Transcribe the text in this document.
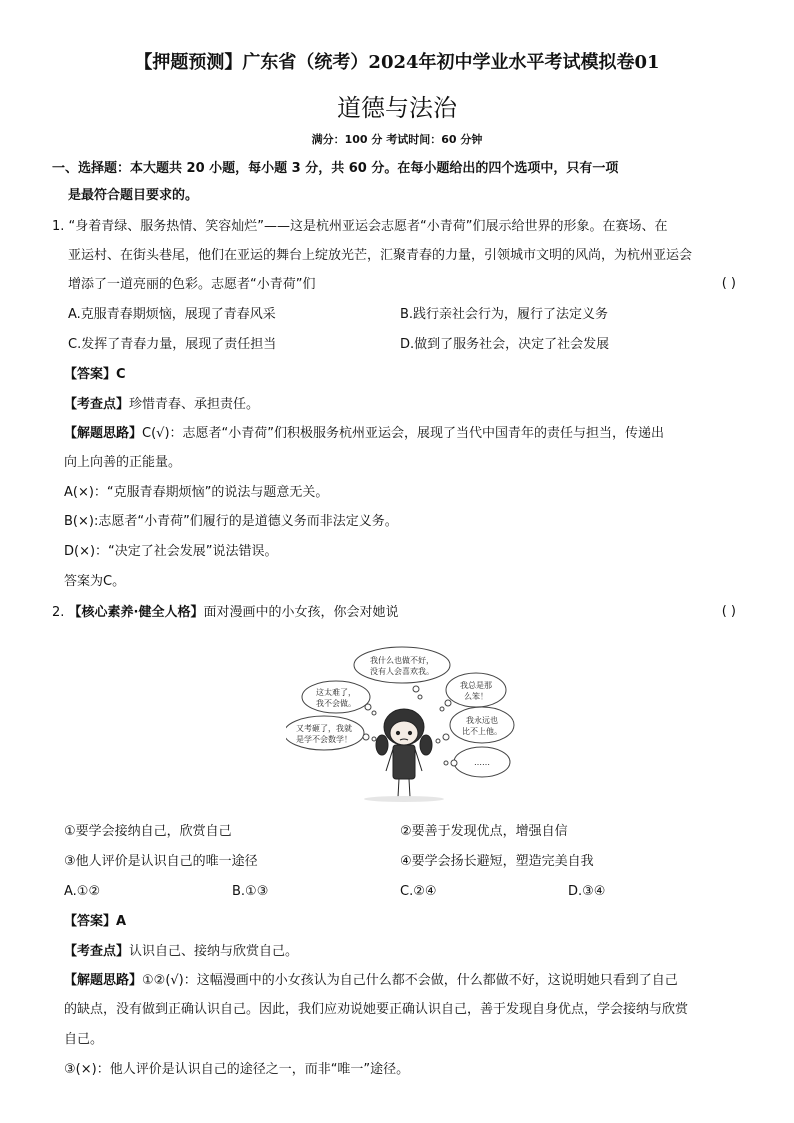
【押题预测】广东省（统考）2024年初中学业水平考试模拟卷01
道德与法治
满分：100 分 考试时间：60 分钟
一、选择题：本大题共 20 小题，每小题 3 分，共 60 分。在每小题给出的四个选项中，只有一项
是最符合题目要求的。
1. “身着青绿、服务热情、笑容灿烂”——这是杭州亚运会志愿者“小青荷”们展示给世界的形象。在赛场、在
亚运村、在街头巷尾，他们在亚运的舞台上绽放光芒，汇聚青春的力量，引领城市文明的风尚，为杭州亚运会
增添了一道亮丽的色彩。志愿者“小青荷”们	( )
A.克服青春期烦恼，展现了青春风采	B.践行亲社会行为，履行了法定义务
C.发挥了青春力量，展现了责任担当	D.做到了服务社会，决定了社会发展
【答案】C
【考查点】珍惜青春、承担责任。
【解题思路】C(√)：志愿者“小青荷”们积极服务杭州亚运会，展现了当代中国青年的责任与担当，传递出
向上向善的正能量。
A(×)：“克服青春期烦恼”的说法与题意无关。
B(×):志愿者“小青荷”们履行的是道德义务而非法定义务。
D(×)：“决定了社会发展”说法错误。
答案为C。
2. 【核心素养·健全人格】面对漫画中的小女孩，你会对她说	( )
我什么也做不好，
没有人会喜欢我。
这太难了，
我不会做。
我总是那
么笨！
又考砸了，我就
是学不会数学！
我永远也
比不上他。
……
①要学会接纳自己，欣赏自己	②要善于发现优点，增强自信
③他人评价是认识自己的唯一途径	④要学会扬长避短，塑造完美自我
A.①②	B.①③	C.②④	D.③④
【答案】A
【考查点】认识自己、接纳与欣赏自己。
【解题思路】①②(√)：这幅漫画中的小女孩认为自己什么都不会做，什么都做不好，这说明她只看到了自己
的缺点，没有做到正确认识自己。因此，我们应劝说她要正确认识自己，善于发现自身优点，学会接纳与欣赏
自己。
③(×)：他人评价是认识自己的途径之一，而非“唯一”途径。
